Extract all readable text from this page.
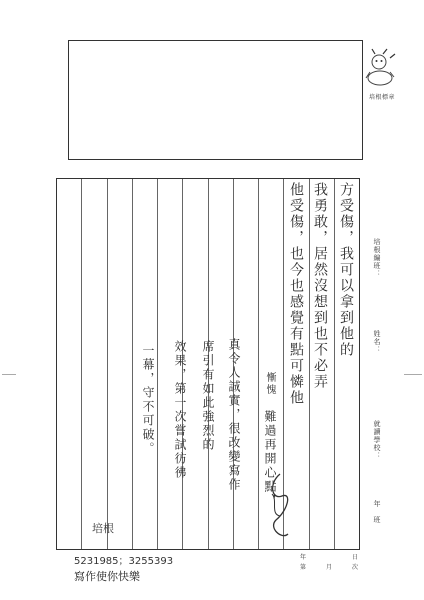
培根標章
培根編班：
姓名：
就讀學校：
年　班
方受傷，我可以拿到他的
我勇敢，居然沒想到也不必弄
他受傷，也今也感覺有點可憐他
難過再開心點，
慚愧
真令人誠實，很改變寫作
席引有如此強烈的
效果，第一次嘗試彷彿
一幕，守不可破。
培根
5231985；3255393
寫作使你快樂
年
第	月
日
次
